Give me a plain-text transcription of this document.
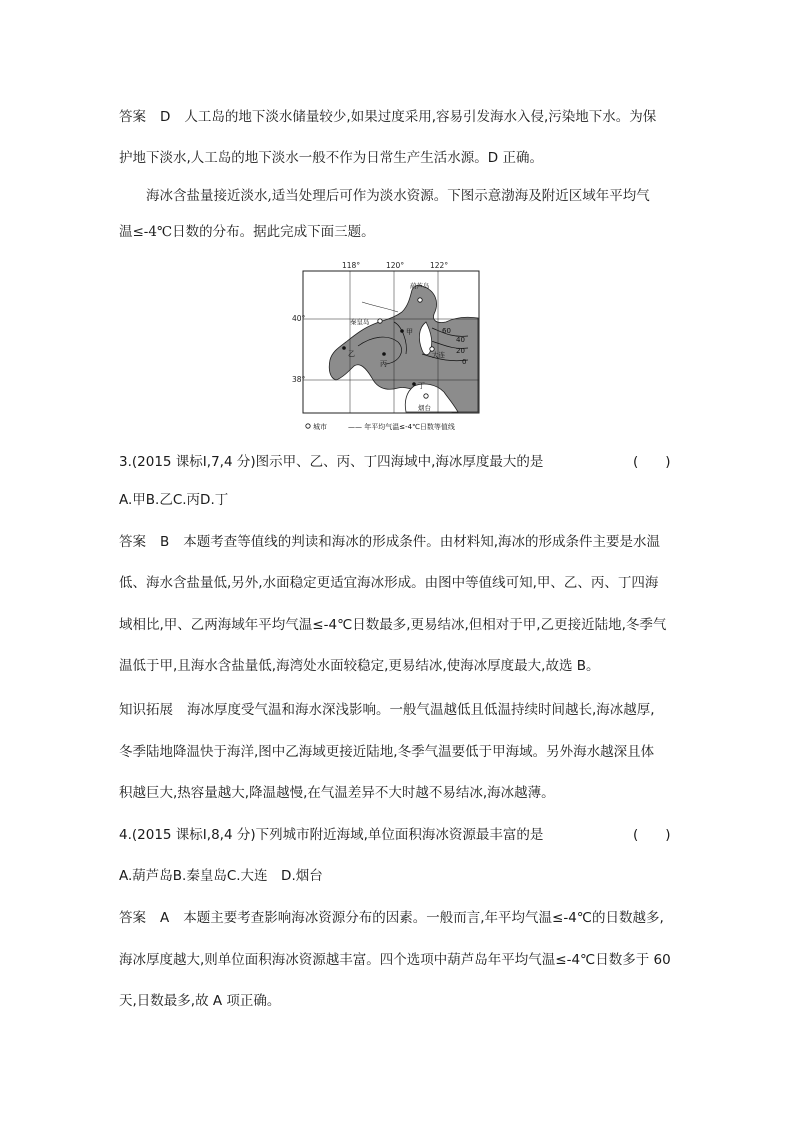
答案 D 人工岛的地下淡水储量较少,如果过度采用,容易引发海水入侵,污染地下水。为保
护地下淡水,人工岛的地下淡水一般不作为日常生产生活水源。D 正确。
海冰含盐量接近淡水,适当处理后可作为淡水资源。下图示意渤海及附近区域年平均气
温≤-4℃日数的分布。据此完成下面三题。
118°	120°	122°
40°
38°
葫芦岛
秦皇岛
大连
烟台
甲
乙
丙
丁
60
40
20
0
城市	—— 年平均气温≤-4℃日数等值线
3.(2015 课标Ⅰ,7,4 分)图示甲、乙、丙、丁四海域中,海冰厚度最大的是	(　　)
A.甲B.乙C.丙D.丁
答案 B 本题考查等值线的判读和海冰的形成条件。由材料知,海冰的形成条件主要是水温
低、海水含盐量低,另外,水面稳定更适宜海冰形成。由图中等值线可知,甲、乙、丙、丁四海
域相比,甲、乙两海域年平均气温≤-4℃日数最多,更易结冰,但相对于甲,乙更接近陆地,冬季气
温低于甲,且海水含盐量低,海湾处水面较稳定,更易结冰,使海冰厚度最大,故选 B。
知识拓展 海冰厚度受气温和海水深浅影响。一般气温越低且低温持续时间越长,海冰越厚,
冬季陆地降温快于海洋,图中乙海域更接近陆地,冬季气温要低于甲海域。另外海水越深且体
积越巨大,热容量越大,降温越慢,在气温差异不大时越不易结冰,海冰越薄。
4.(2015 课标Ⅰ,8,4 分)下列城市附近海域,单位面积海冰资源最丰富的是	(　　)
A.葫芦岛B.秦皇岛C.大连　D.烟台
答案 A 本题主要考查影响海冰资源分布的因素。一般而言,年平均气温≤-4℃的日数越多,
海冰厚度越大,则单位面积海冰资源越丰富。四个选项中葫芦岛年平均气温≤-4℃日数多于 60
天,日数最多,故 A 项正确。
